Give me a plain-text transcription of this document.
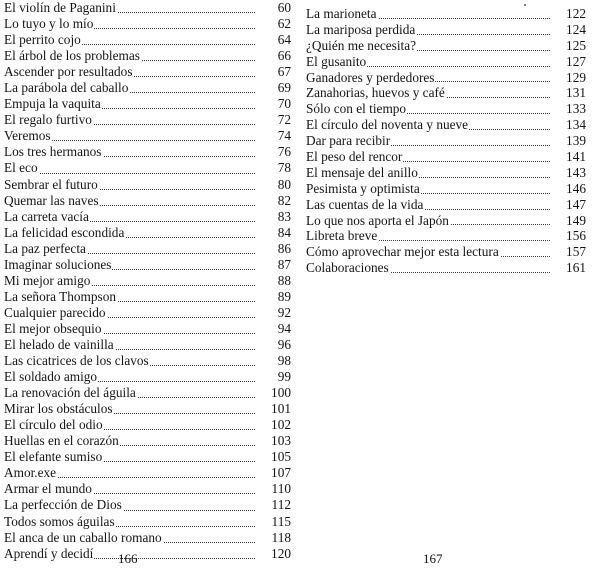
El violín de Paganini	60
Lo tuyo y lo mío	62
El perrito cojo	64
El árbol de los problemas	66
Ascender por resultados	67
La parábola del caballo	69
Empuja la vaquita	70
El regalo furtivo	72
Veremos	74
Los tres hermanos	76
El eco	78
Sembrar el futuro	80
Quemar las naves	82
La carreta vacía	83
La felicidad escondida	84
La paz perfecta	86
Imaginar soluciones	87
Mi mejor amigo	88
La señora Thompson	89
Cualquier parecido	92
El mejor obsequio	94
El helado de vainilla	96
Las cicatrices de los clavos	98
El soldado amigo	99
La renovación del águila	100
Mirar los obstáculos	101
El círculo del odio	102
Huellas en el corazón	103
El elefante sumiso	105
Amor.exe	107
Armar el mundo	110
La perfección de Dios	112
Todos somos águilas	115
El anca de un caballo romano	118
Aprendí y decidí	120
La marioneta	122
La mariposa perdida	124
¿Quién me necesita?	125
El gusanito	127
Ganadores y perdedores	129
Zanahorias, huevos y café	131
Sólo con el tiempo	133
El círculo del noventa y nueve	134
Dar para recibir	139
El peso del rencor	141
El mensaje del anillo	143
Pesimista y optimista	146
Las cuentas de la vida	147
Lo que nos aporta el Japón	149
Libreta breve	156
Cómo aprovechar mejor esta lectura	157
Colaboraciones	161
166	167
